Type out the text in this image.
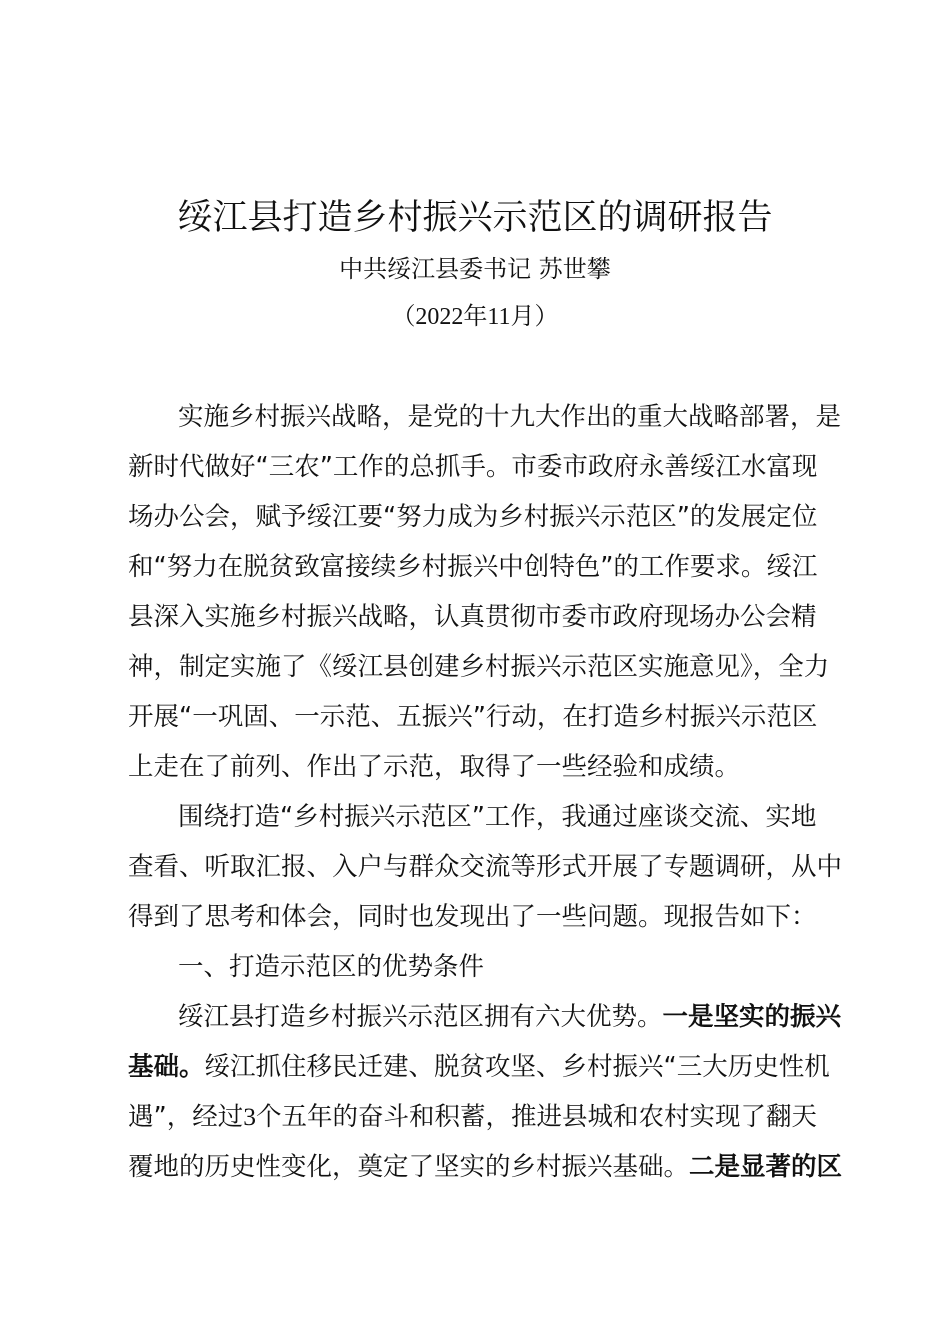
绥江县打造乡村振兴示范区的调研报告
中共绥江县委书记 苏世攀
（2022年11月）
实施乡村振兴战略，是党的十九大作出的重大战略部署，是
新时代做好“三农”工作的总抓手。市委市政府永善绥江水富现
场办公会，赋予绥江要“努力成为乡村振兴示范区”的发展定位
和“努力在脱贫致富接续乡村振兴中创特色”的工作要求。绥江
县深入实施乡村振兴战略，认真贯彻市委市政府现场办公会精
神，制定实施了《绥江县创建乡村振兴示范区实施意见》，全力
开展“一巩固、一示范、五振兴”行动，在打造乡村振兴示范区
上走在了前列、作出了示范，取得了一些经验和成绩。
围绕打造“乡村振兴示范区”工作，我通过座谈交流、实地
查看、听取汇报、入户与群众交流等形式开展了专题调研，从中
得到了思考和体会，同时也发现出了一些问题。现报告如下：
一、打造示范区的优势条件
绥江县打造乡村振兴示范区拥有六大优势。一是坚实的振兴
基础。绥江抓住移民迁建、脱贫攻坚、乡村振兴“三大历史性机
遇”，经过3个五年的奋斗和积蓄，推进县城和农村实现了翻天
覆地的历史性变化，奠定了坚实的乡村振兴基础。二是显著的区
